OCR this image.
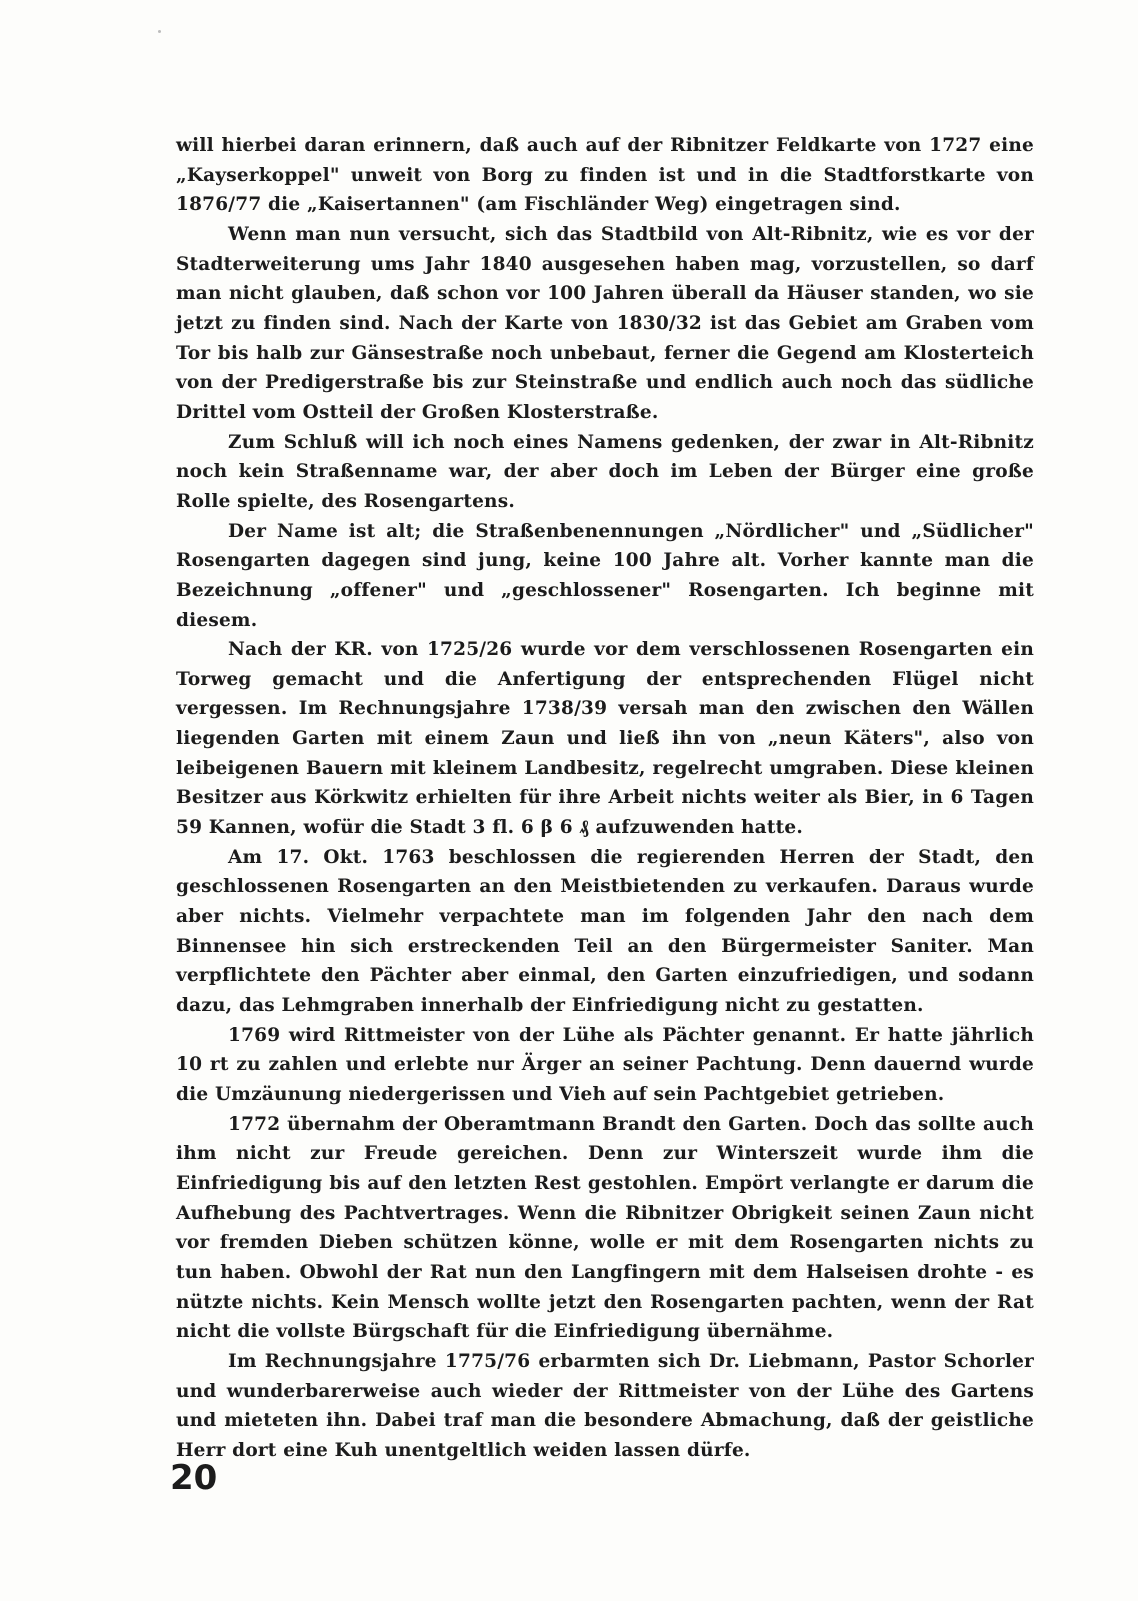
will hierbei daran erinnern, daß auch auf der Ribnitzer Feldkarte von 1727 eine „Kayserkoppel" unweit von Borg zu finden ist und in die Stadtforstkarte von 1876/77 die „Kaisertannen" (am Fischländer Weg) eingetragen sind.

Wenn man nun versucht, sich das Stadtbild von Alt-Ribnitz, wie es vor der Stadterweiterung ums Jahr 1840 ausgesehen haben mag, vorzustellen, so darf man nicht glauben, daß schon vor 100 Jahren überall da Häuser standen, wo sie jetzt zu finden sind. Nach der Karte von 1830/32 ist das Gebiet am Graben vom Tor bis halb zur Gänsestraße noch unbebaut, ferner die Gegend am Klosterteich von der Predigerstraße bis zur Steinstraße und endlich auch noch das südliche Drittel vom Ostteil der Großen Klosterstraße.

Zum Schluß will ich noch eines Namens gedenken, der zwar in Alt-Ribnitz noch kein Straßenname war, der aber doch im Leben der Bürger eine große Rolle spielte, des Rosengartens.

Der Name ist alt; die Straßenbenennungen „Nördlicher" und „Südlicher" Rosengarten dagegen sind jung, keine 100 Jahre alt. Vorher kannte man die Bezeichnung „offener" und „geschlossener" Rosengarten. Ich beginne mit diesem.

Nach der KR. von 1725/26 wurde vor dem verschlossenen Rosengarten ein Torweg gemacht und die Anfertigung der entsprechenden Flügel nicht vergessen. Im Rechnungsjahre 1738/39 versah man den zwischen den Wällen liegenden Garten mit einem Zaun und ließ ihn von „neun Käters", also von leibeigenen Bauern mit kleinem Landbesitz, regelrecht umgraben. Diese kleinen Besitzer aus Körkwitz erhielten für ihre Arbeit nichts weiter als Bier, in 6 Tagen 59 Kannen, wofür die Stadt 3 fl. 6 β 6 ₰ aufzuwenden hatte.

Am 17. Okt. 1763 beschlossen die regierenden Herren der Stadt, den geschlossenen Rosengarten an den Meistbietenden zu verkaufen. Daraus wurde aber nichts. Vielmehr verpachtete man im folgenden Jahr den nach dem Binnensee hin sich erstreckenden Teil an den Bürgermeister Saniter. Man verpflichtete den Pächter aber einmal, den Garten einzufriedigen, und sodann dazu, das Lehmgraben innerhalb der Einfriedigung nicht zu gestatten.

1769 wird Rittmeister von der Lühe als Pächter genannt. Er hatte jährlich 10 rt zu zahlen und erlebte nur Ärger an seiner Pachtung. Denn dauernd wurde die Umzäunung niedergerissen und Vieh auf sein Pachtgebiet getrieben.

1772 übernahm der Oberamtmann Brandt den Garten. Doch das sollte auch ihm nicht zur Freude gereichen. Denn zur Winterszeit wurde ihm die Einfriedigung bis auf den letzten Rest gestohlen. Empört verlangte er darum die Aufhebung des Pachtvertrages. Wenn die Ribnitzer Obrigkeit seinen Zaun nicht vor fremden Dieben schützen könne, wolle er mit dem Rosengarten nichts zu tun haben. Obwohl der Rat nun den Langfingern mit dem Halseisen drohte - es nützte nichts. Kein Mensch wollte jetzt den Rosengarten pachten, wenn der Rat nicht die vollste Bürgschaft für die Einfriedigung übernähme.

Im Rechnungsjahre 1775/76 erbarmten sich Dr. Liebmann, Pastor Schorler und wunderbarerweise auch wieder der Rittmeister von der Lühe des Gartens und mieteten ihn. Dabei traf man die besondere Abmachung, daß der geistliche Herr dort eine Kuh unentgeltlich weiden lassen dürfe.

20
